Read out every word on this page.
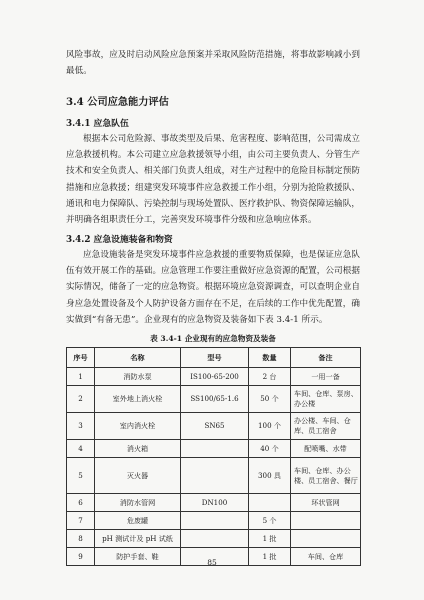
风险事故，应及时启动风险应急预案并采取风险防范措施，将事故影响减小到最低。

3.4 公司应急能力评估
3.4.1 应急队伍

根据本公司危险源、事故类型及后果、危害程度、影响范围，公司需成立应急救援机构。本公司建立应急救援领导小组，由公司主要负责人、分管生产技术和安全负责人、相关部门负责人组成，对生产过程中的危险目标制定预防措施和应急救援；组建突发环境事件应急救援工作小组，分别为抢险救援队、通讯和电力保障队、污染控制与现场处置队、医疗救护队、物资保障运输队，并明确各组职责任分工，完善突发环境事件分级和应急响应体系。

3.4.2 应急设施装备和物资

应急设施装备是突发环境事件应急救援的重要物质保障，也是保证应急队伍有效开展工作的基础。应急管理工作要注重做好应急资源的配置，公司根据实际情况，储备了一定的应急物资。根据环境应急资源调查，可以查明企业自身应急处置设备及个人防护设备方面存在不足，在后续的工作中优先配置，确实做到“有备无患”。企业现有的应急物资及装备如下表 3.4-1 所示。

表 3.4-1 企业现有的应急物资及装备
序号	名称	型号	数量	备注
1	消防水泵	IS100-65-200	2 台	一用一备
2	室外地上消火栓	SS100/65-1.6	50 个	车间、仓库、泵房、办公楼
3	室内消火栓	SN65	100 个	办公楼、车间、仓库、员工宿舍
4	消火箱		40 个	配喷嘴、水带
5	灭火器		300 具	车间、仓库、办公楼、员工宿舍、餐厅
6	消防水管网	DN100		环状管网
7	危废罐		5 个	
8	pH 测试计及 pH 试纸		1 批	
9	防护手套、鞋		1 批	车间、仓库
85
